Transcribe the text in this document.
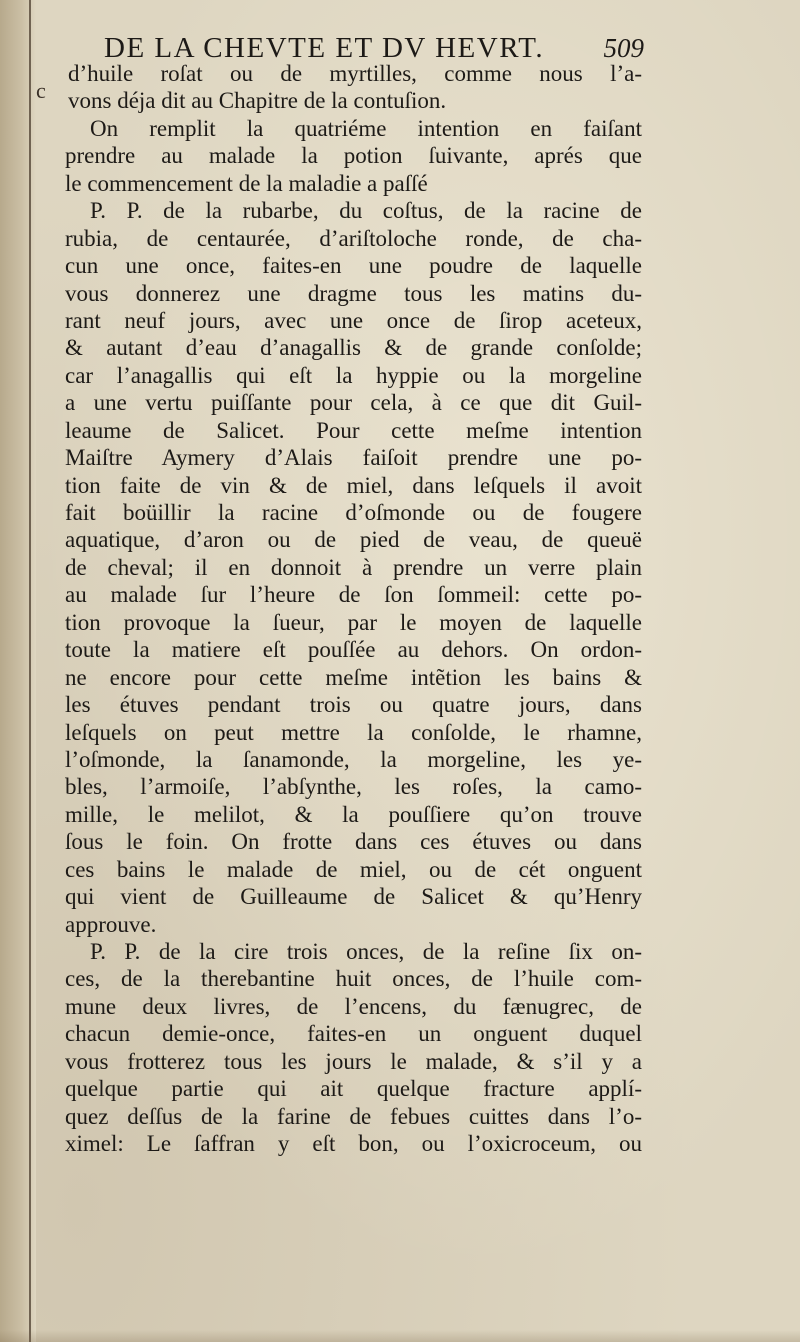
c
DE LA CHEVTE ET DV HEVRT. 509
d’huile roſat ou de myrtilles, comme nous l’a-
vons déja dit au Chapitre de la contuſion.
On remplit la quatriéme intention en faiſant
prendre au malade la potion ſuivante, aprés que
le commencement de la maladie a paſſé
P. P. de la rubarbe, du coſtus, de la racine de
rubia, de centaurée, d’ariſtoloche ronde, de cha-
cun une once, faites-en une poudre de laquelle
vous donnerez une dragme tous les matins du-
rant neuf jours, avec une once de ſirop aceteux,
& autant d’eau d’anagallis & de grande conſolde;
car l’anagallis qui eſt la hyppie ou la morgeline
a une vertu puiſſante pour cela, à ce que dit Guil-
leaume de Salicet. Pour cette meſme intention
Maiſtre Aymery d’Alais faiſoit prendre une po-
tion faite de vin & de miel, dans leſquels il avoit
fait boüillir la racine d’oſmonde ou de fougere
aquatique, d’aron ou de pied de veau, de queuë
de cheval; il en donnoit à prendre un verre plain
au malade ſur l’heure de ſon ſommeil: cette po-
tion provoque la ſueur, par le moyen de laquelle
toute la matiere eſt pouſſée au dehors. On ordon-
ne encore pour cette meſme intẽtion les bains &
les étuves pendant trois ou quatre jours, dans
leſquels on peut mettre la conſolde, le rhamne,
l’oſmonde, la ſanamonde, la morgeline, les ye-
bles, l’armoiſe, l’abſynthe, les roſes, la camo-
mille, le melilot, & la pouſſiere qu’on trouve
ſous le foin. On frotte dans ces étuves ou dans
ces bains le malade de miel, ou de cét onguent
qui vient de Guilleaume de Salicet & qu’Henry
approuve.
P. P. de la cire trois onces, de la reſine ſix on-
ces, de la therebantine huit onces, de l’huile com-
mune deux livres, de l’encens, du fænugrec, de
chacun demie-once, faites-en un onguent duquel
vous frotterez tous les jours le malade, & s’il y a
quelque partie qui ait quelque fracture applí-
quez deſſus de la farine de febues cuittes dans l’o-
ximel: Le ſaffran y eſt bon, ou l’oxicroceum, ou
